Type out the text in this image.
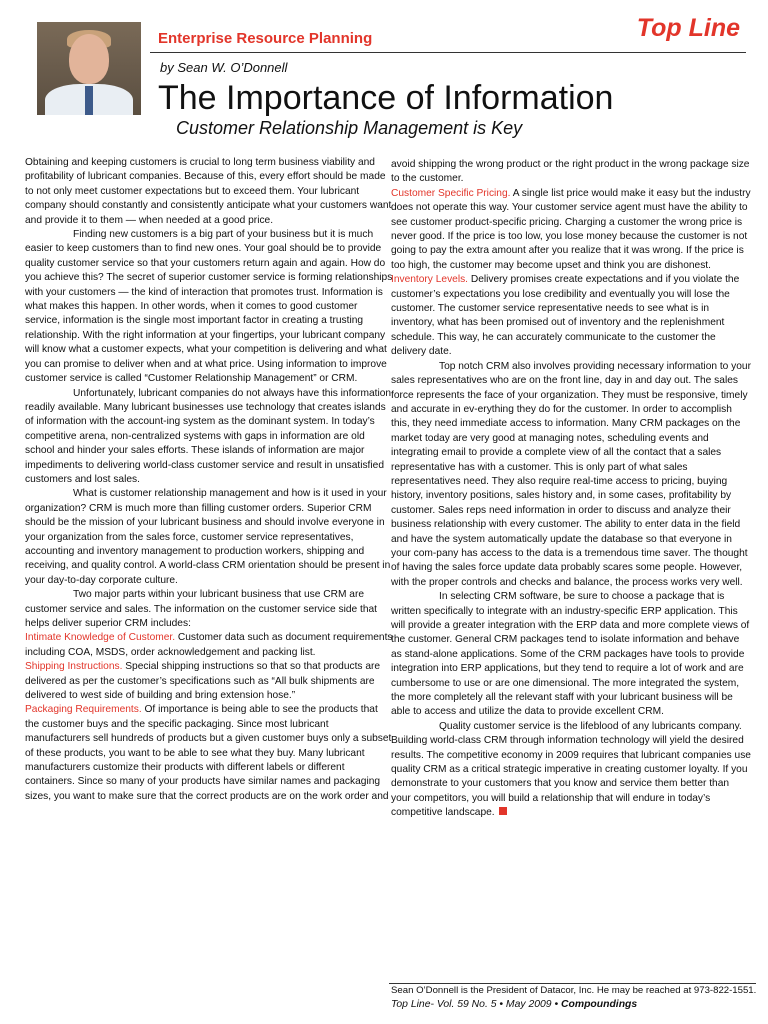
Enterprise Resource Planning	Top Line
by Sean W. O’Donnell
The Importance of Information
Customer Relationship Management is Key

Obtaining and keeping customers is crucial to long term business viability and profitability of lubricant companies. Because of this, every effort should be made to not only meet customer expectations but to exceed them. Your lubricant company should constantly and consistently anticipate what your customers want and provide it to them — when needed at a good price.

Finding new customers is a big part of your business but it is much easier to keep customers than to find new ones. Your goal should be to provide quality customer service so that your customers return again and again. How do you achieve this? The secret of superior customer service is forming relationships with your customers — the kind of interaction that promotes trust. Information is what makes this happen. In other words, when it comes to good customer service, information is the single most important factor in creating a trusting relationship. With the right information at your fingertips, your lubricant company will know what a customer expects, what your competition is delivering and what you can promise to deliver when and at what price. Using information to improve customer service is called “Customer Relationship Management” or CRM.

Unfortunately, lubricant companies do not always have this information readily available. Many lubricant businesses use technology that creates islands of information with the account-ing system as the dominant system. In today’s competitive arena, non-centralized systems with gaps in information are old school and hinder your sales efforts. These islands of information are major impediments to delivering world-class customer service and result in unsatisfied customers and lost sales.

What is customer relationship management and how is it used in your organization? CRM is much more than filling customer orders. Superior CRM should be the mission of your lubricant business and should involve everyone in your organization from the sales force, customer service representatives, accounting and inventory management to production workers, shipping and receiving, and quality control. A world-class CRM orientation should be present in your day-to-day corporate culture.

Two major parts within your lubricant business that use CRM are customer service and sales. The information on the customer service side that helps deliver superior CRM includes:

Intimate Knowledge of Customer. Customer data such as document requirements including COA, MSDS, order acknowledgement and packing list.

Shipping Instructions. Special shipping instructions so that so that products are delivered as per the customer’s specifications such as “All bulk shipments are delivered to west side of building and bring extension hose.”

Packaging Requirements. Of importance is being able to see the products that the customer buys and the specific packaging. Since most lubricant manufacturers sell hundreds of products but a given customer buys only a subset of these products, you want to be able to see what they buy. Many lubricant manufacturers customize their products with different labels or different containers. Since so many of your products have similar names and packaging sizes, you want to make sure that the correct products are on the work order and

avoid shipping the wrong product or the right product in the wrong package size to the customer.

Customer Specific Pricing. A single list price would make it easy but the industry does not operate this way. Your customer service agent must have the ability to see customer product-specific pricing. Charging a customer the wrong price is never good. If the price is too low, you lose money because the customer is not going to pay the extra amount after you realize that it was wrong. If the price is too high, the customer may become upset and think you are dishonest.

Inventory Levels. Delivery promises create expectations and if you violate the customer’s expectations you lose credibility and eventually you will lose the customer. The customer service representative needs to see what is in inventory, what has been promised out of inventory and the replenishment schedule. This way, he can accurately communicate to the customer the delivery date.

Top notch CRM also involves providing necessary information to your sales representatives who are on the front line, day in and day out. The sales force represents the face of your organization. They must be responsive, timely and accurate in ev-erything they do for the customer. In order to accomplish this, they need immediate access to information. Many CRM packages on the market today are very good at managing notes, scheduling events and integrating email to provide a complete view of all the contact that a sales representative has with a customer. This is only part of what sales representatives need. They also require real-time access to pricing, buying history, inventory positions, sales history and, in some cases, profitability by customer. Sales reps need information in order to discuss and analyze their business relationship with every customer. The ability to enter data in the field and have the system automatically update the database so that everyone in your com-pany has access to the data is a tremendous time saver. The thought of having the sales force update data probably scares some people. However, with the proper controls and checks and balance, the process works very well.

In selecting CRM software, be sure to choose a package that is written specifically to integrate with an industry-specific ERP application. This will provide a greater integration with the ERP data and more complete views of the customer. General CRM packages tend to isolate information and behave as stand-alone applications. Some of the CRM packages have tools to provide integration into ERP applications, but they tend to require a lot of work and are cumbersome to use or are one dimensional. The more integrated the system, the more completely all the relevant staff with your lubricant business will be able to access and utilize the data to provide excellent CRM.

Quality customer service is the lifeblood of any lubricants company. Building world-class CRM through information technology will yield the desired results. The competitive economy in 2009 requires that lubricant companies use quality CRM as a critical strategic imperative in creating customer loyalty. If you demonstrate to your customers that you know and service them better than your competitors, you will build a relationship that will endure in today’s competitive landscape.

Sean O’Donnell is the President of Datacor, Inc. He may be reached at 973-822-1551.
Top Line- Vol. 59 No. 5 • May 2009 • Compoundings
